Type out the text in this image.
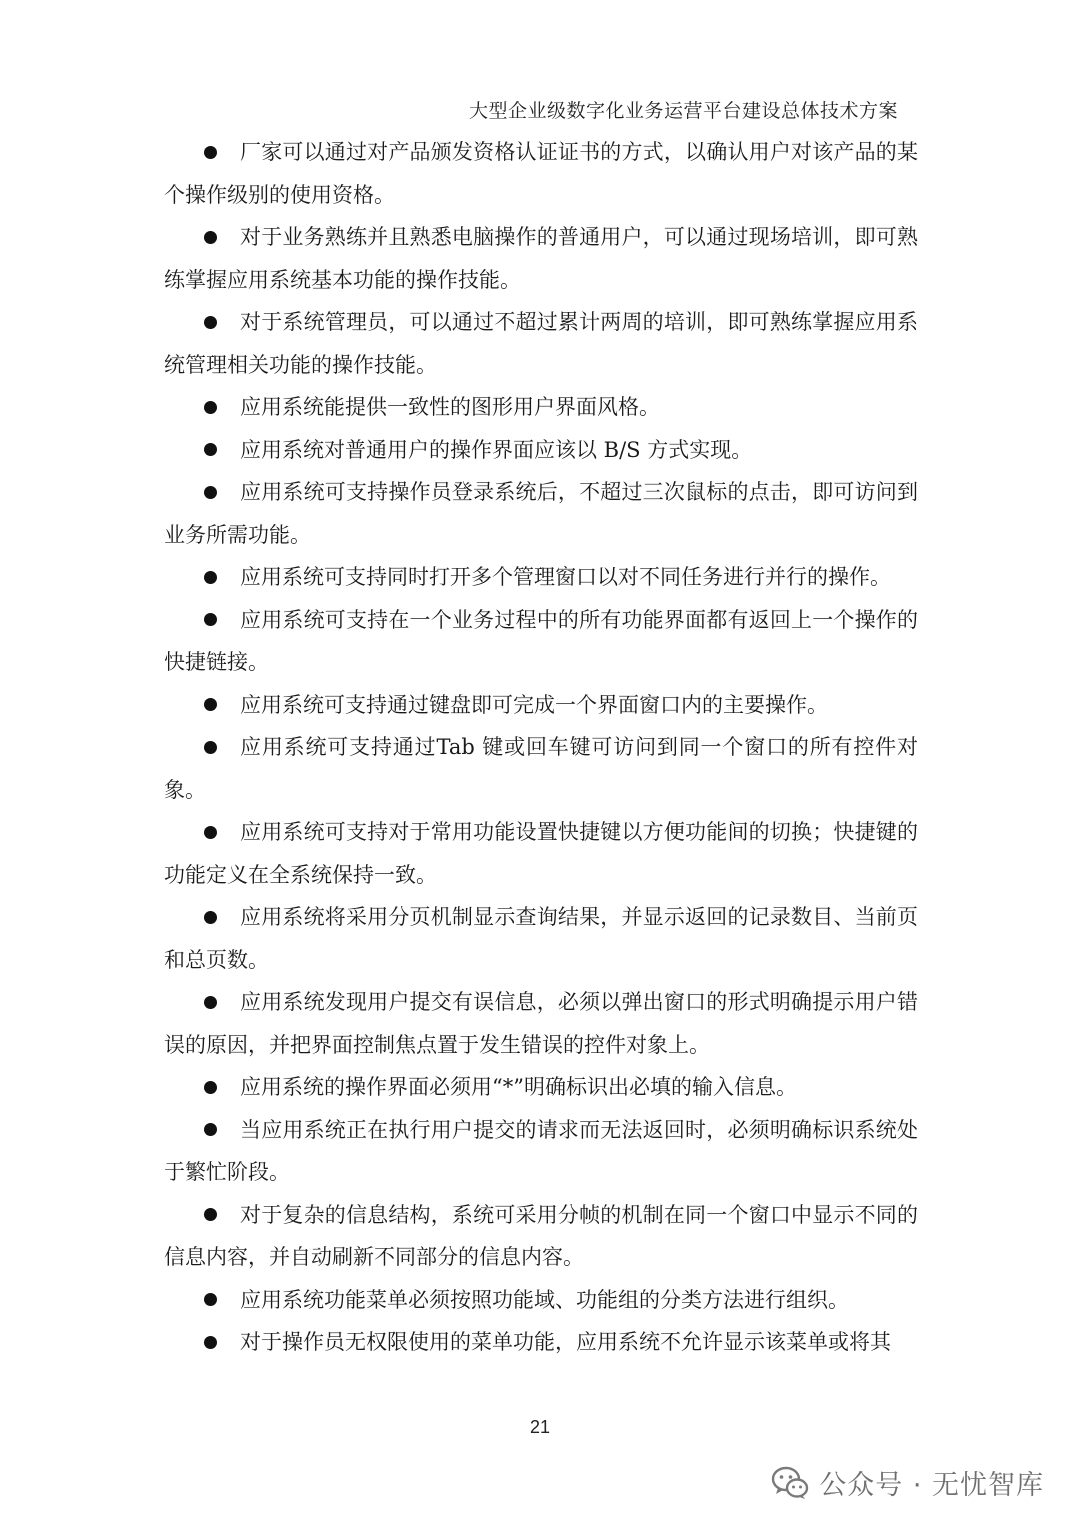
大型企业级数字化业务运营平台建设总体技术方案

厂家可以通过对产品颁发资格认证证书的方式，以确认用户对该产品的某个操作级别的使用资格。

对于业务熟练并且熟悉电脑操作的普通用户，可以通过现场培训，即可熟练掌握应用系统基本功能的操作技能。

对于系统管理员，可以通过不超过累计两周的培训，即可熟练掌握应用系统管理相关功能的操作技能。

应用系统能提供一致性的图形用户界面风格。

应用系统对普通用户的操作界面应该以 B/S 方式实现。

应用系统可支持操作员登录系统后，不超过三次鼠标的点击，即可访问到业务所需功能。

应用系统可支持同时打开多个管理窗口以对不同任务进行并行的操作。

应用系统可支持在一个业务过程中的所有功能界面都有返回上一个操作的快捷链接。

应用系统可支持通过键盘即可完成一个界面窗口内的主要操作。

应用系统可支持通过Tab 键或回车键可访问到同一个窗口的所有控件对象。

应用系统可支持对于常用功能设置快捷键以方便功能间的切换；快捷键的功能定义在全系统保持一致。

应用系统将采用分页机制显示查询结果，并显示返回的记录数目、当前页和总页数。

应用系统发现用户提交有误信息，必须以弹出窗口的形式明确提示用户错误的原因，并把界面控制焦点置于发生错误的控件对象上。

应用系统的操作界面必须用“*”明确标识出必填的输入信息。

当应用系统正在执行用户提交的请求而无法返回时，必须明确标识系统处于繁忙阶段。

对于复杂的信息结构，系统可采用分帧的机制在同一个窗口中显示不同的信息内容，并自动刷新不同部分的信息内容。

应用系统功能菜单必须按照功能域、功能组的分类方法进行组织。

对于操作员无权限使用的菜单功能，应用系统不允许显示该菜单或将其

21
公众号 · 无忧智库
